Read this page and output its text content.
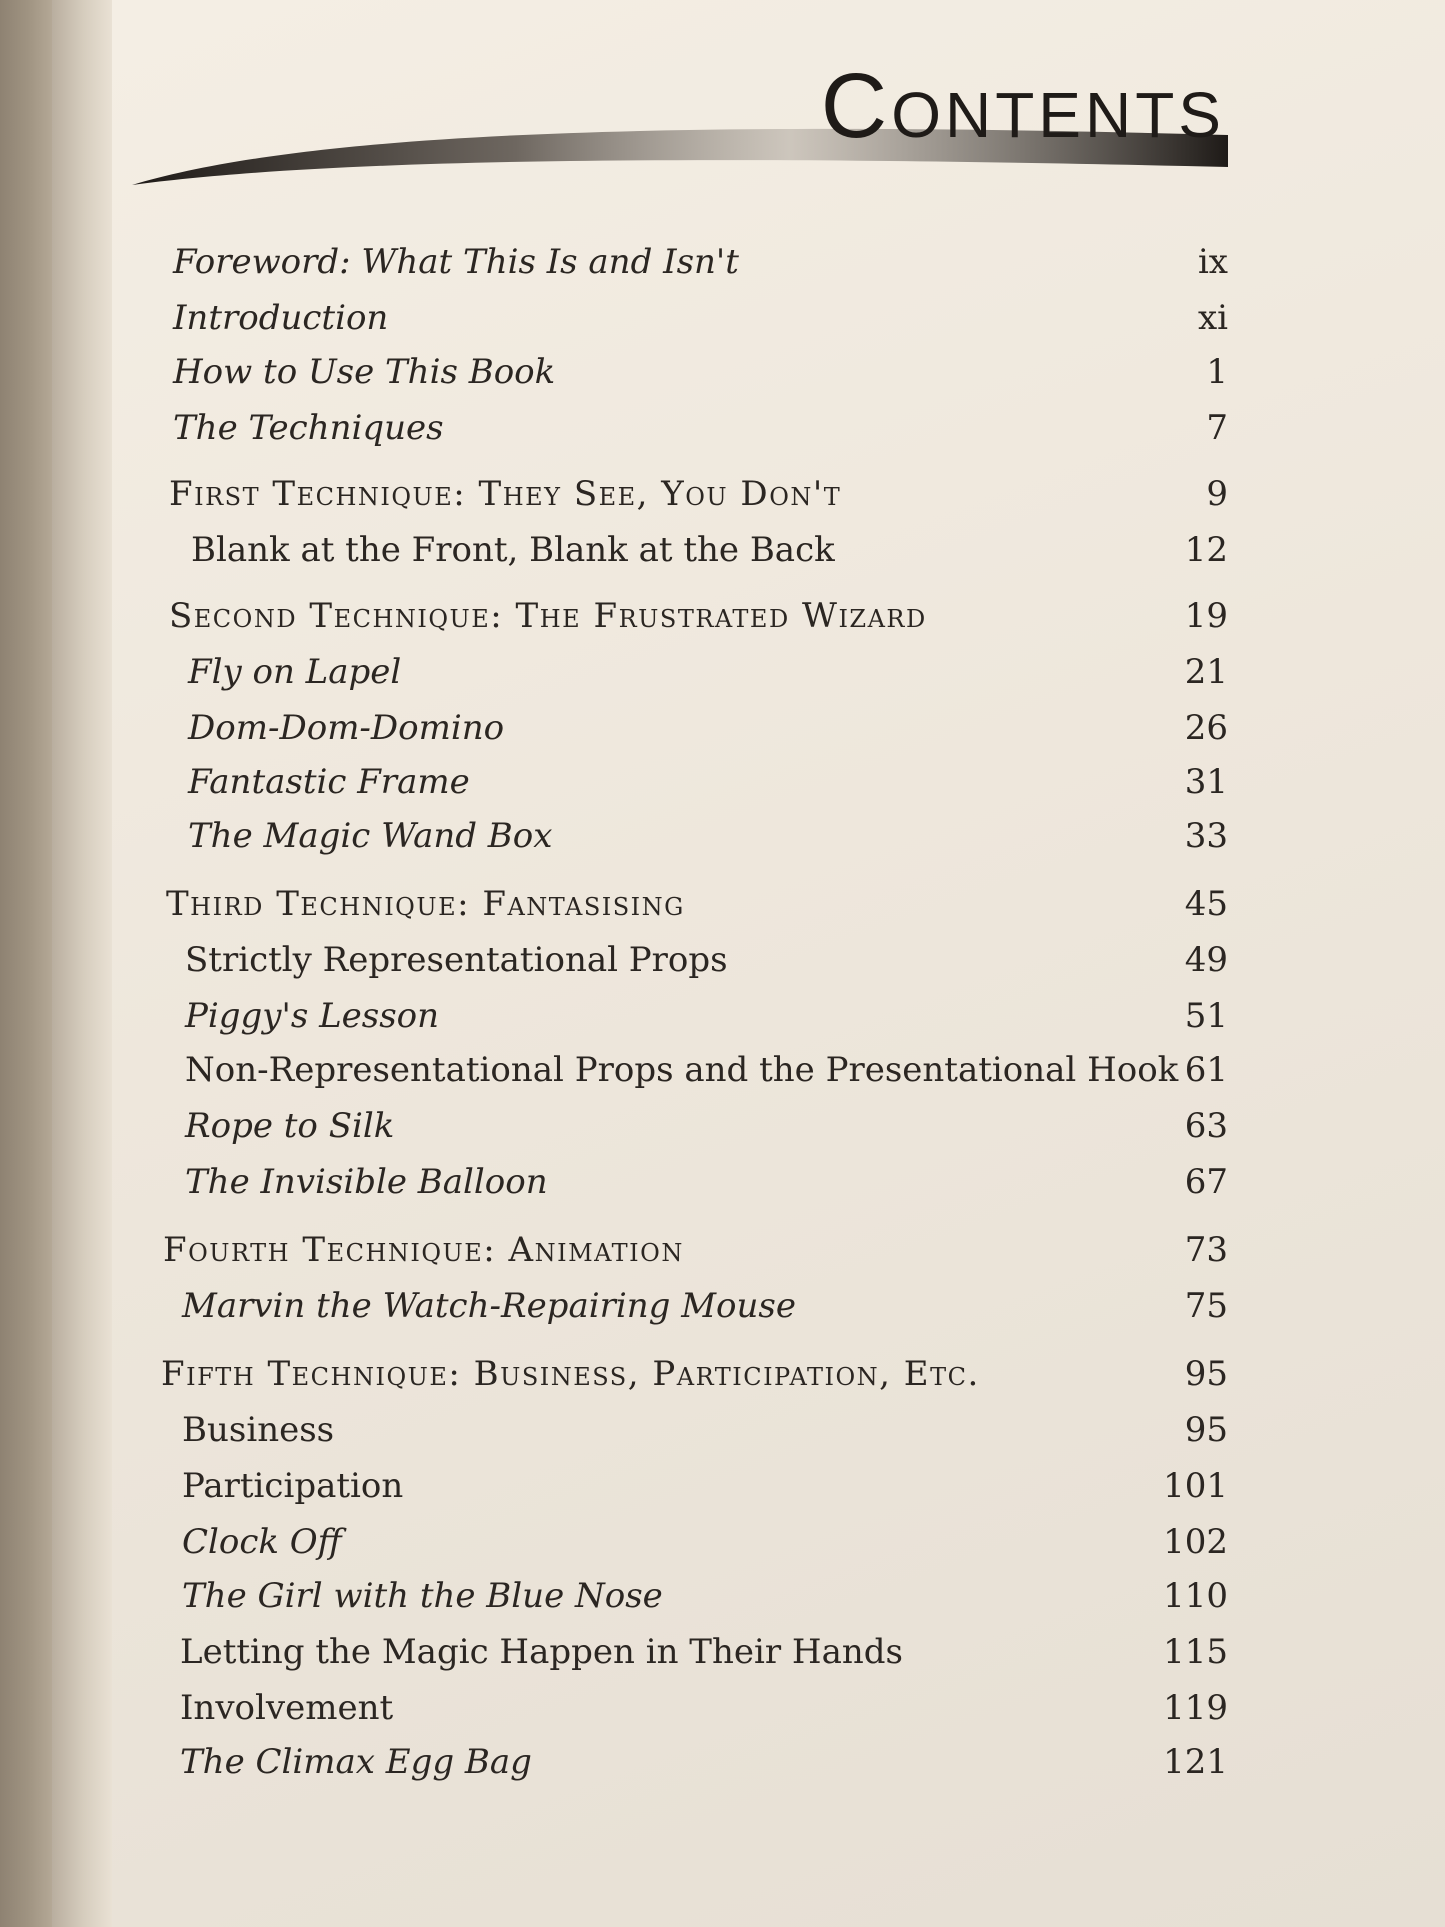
Contents
Foreword: What This Is and Isn't	ix
Introduction	xi
How to Use This Book	1
The Techniques	7
First Technique: They See, You Don't	9
Blank at the Front, Blank at the Back	12
Second Technique: The Frustrated Wizard	19
Fly on Lapel	21
Dom-Dom-Domino	26
Fantastic Frame	31
The Magic Wand Box	33
Third Technique: Fantasising	45
Strictly Representational Props	49
Piggy's Lesson	51
Non-Representational Props and the Presentational Hook 61
Rope to Silk	63
The Invisible Balloon	67
Fourth Technique: Animation	73
Marvin the Watch-Repairing Mouse	75
Fifth Technique: Business, Participation, Etc.	95
Business	95
Participation	101
Clock Off	102
The Girl with the Blue Nose	110
Letting the Magic Happen in Their Hands	115
Involvement	119
The Climax Egg Bag	121
